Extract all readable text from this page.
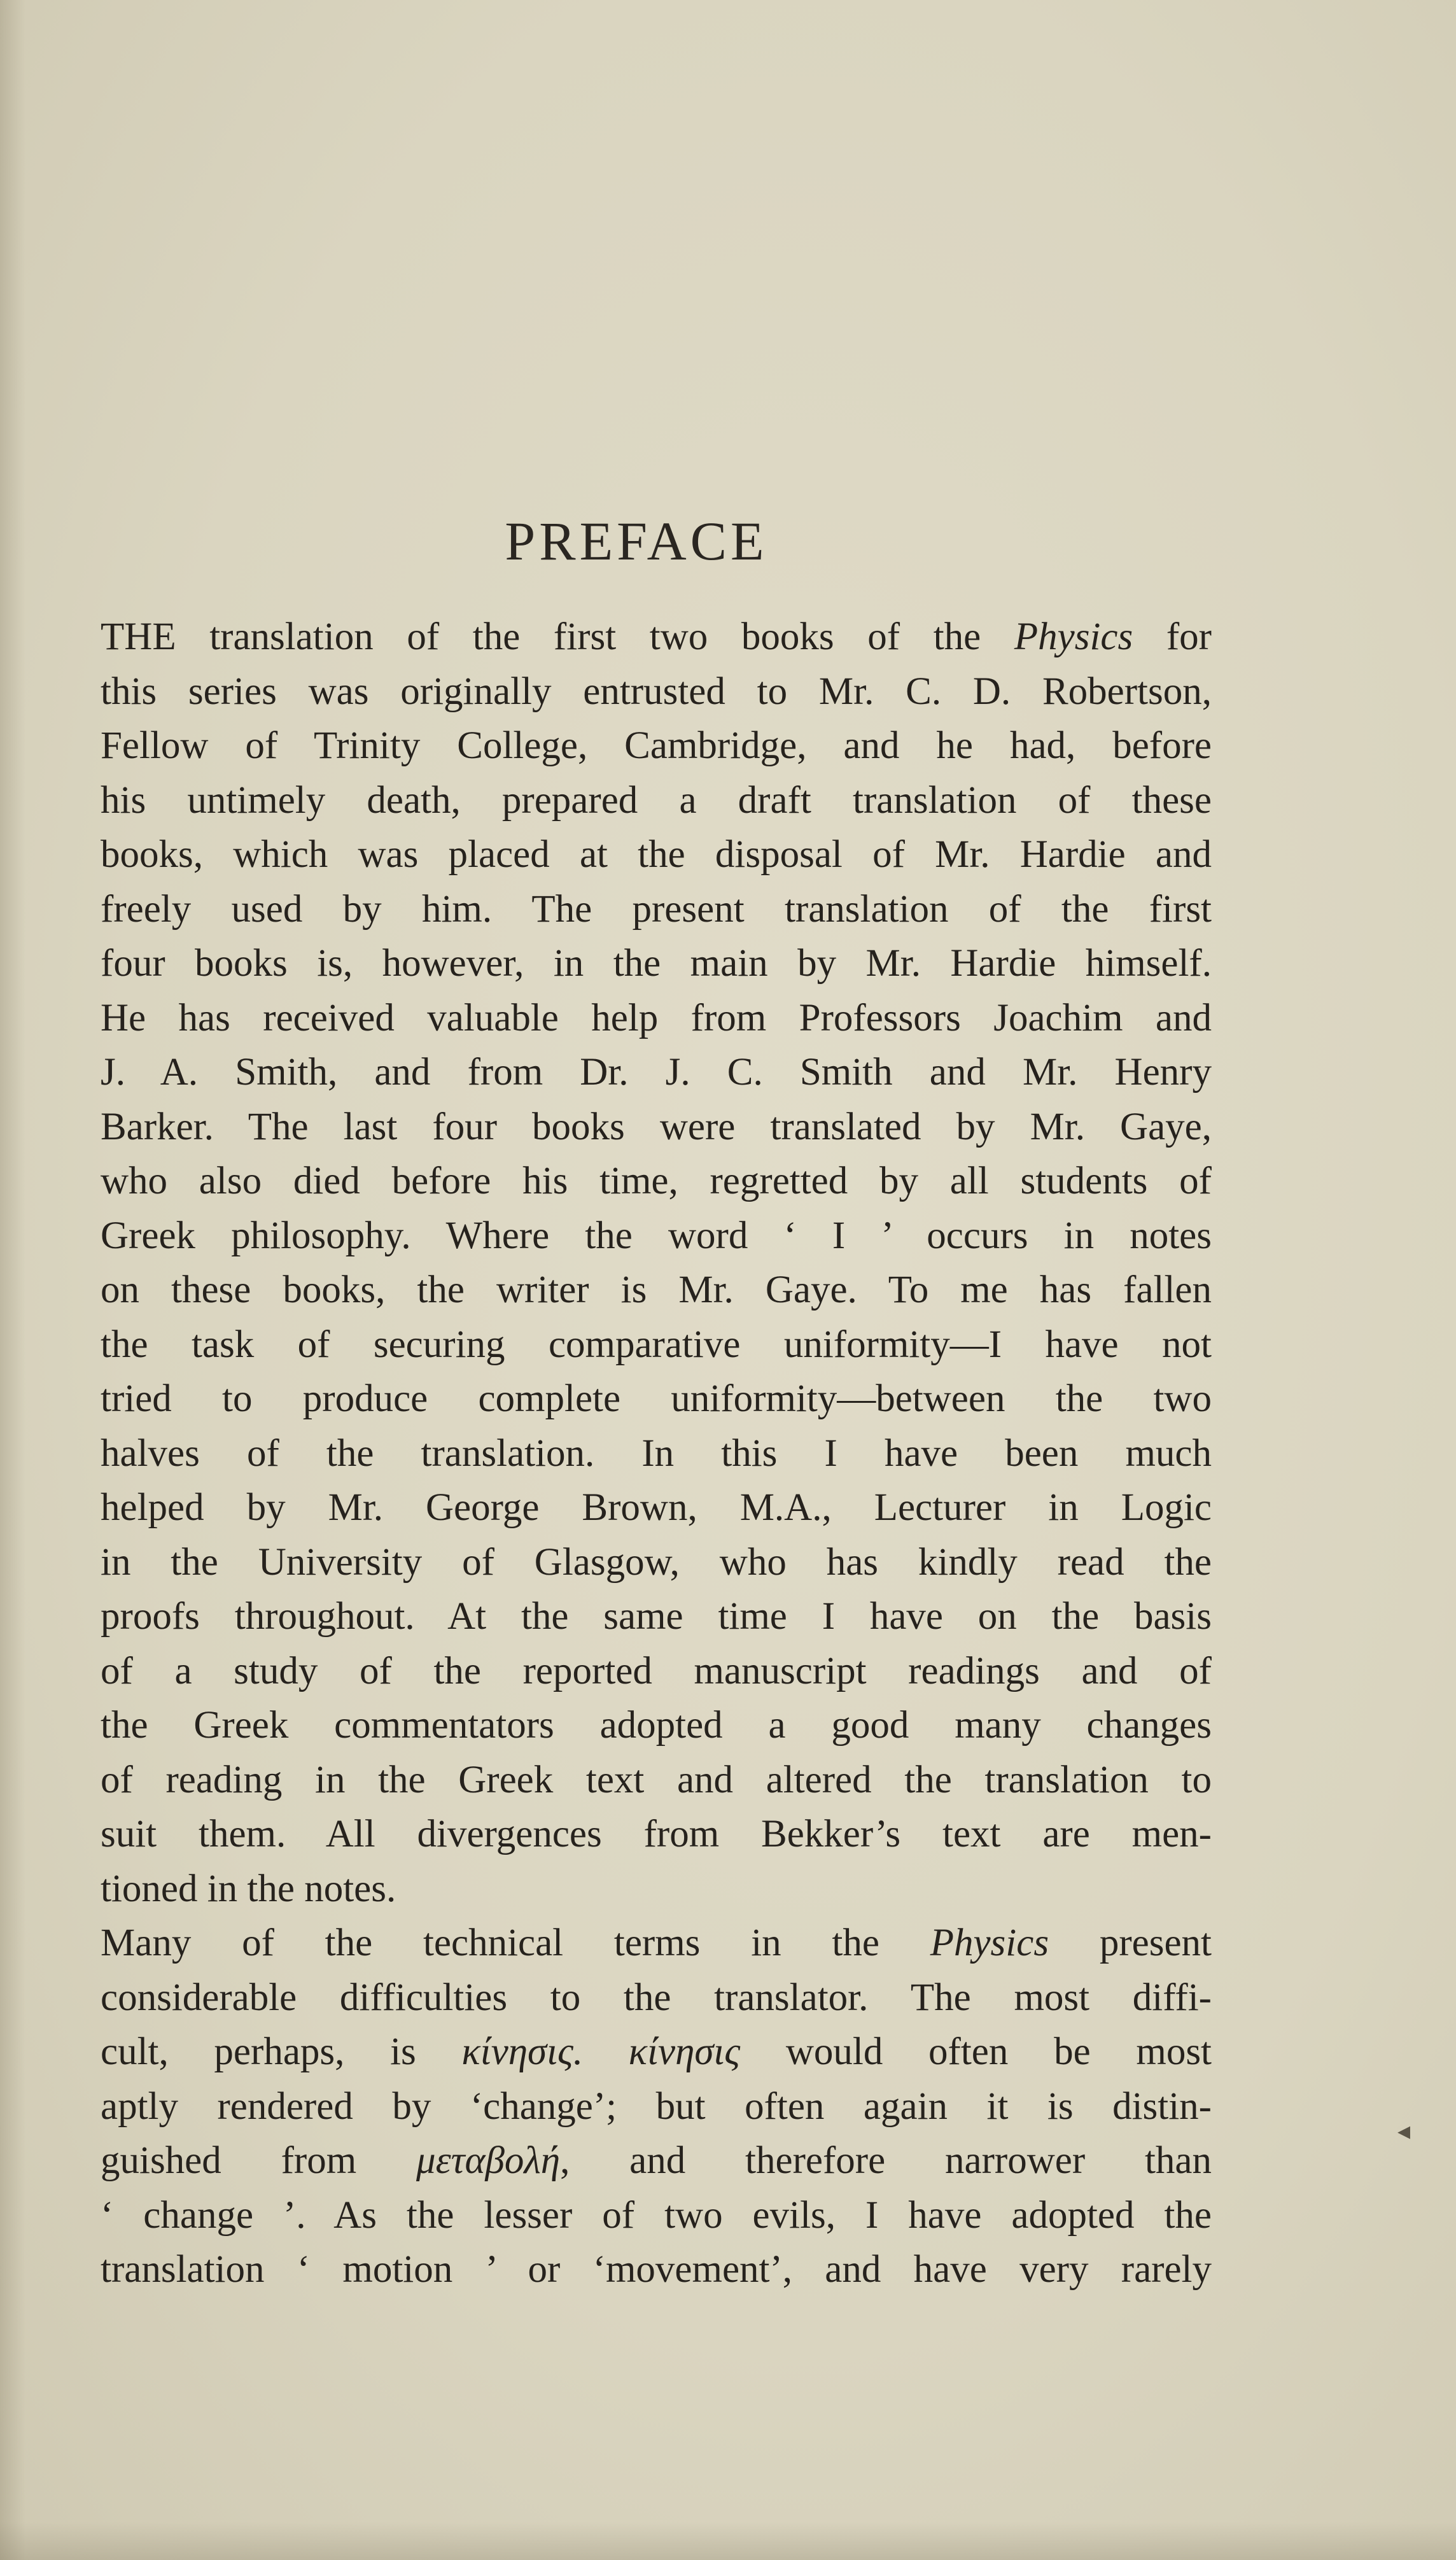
PREFACE

THE translation of the first two books of the Physics for
this series was originally entrusted to Mr. C. D. Robertson,
Fellow of Trinity College, Cambridge, and he had, before
his untimely death, prepared a draft translation of these
books, which was placed at the disposal of Mr. Hardie and
freely used by him. The present translation of the first
four books is, however, in the main by Mr. Hardie himself.
He has received valuable help from Professors Joachim and
J. A. Smith, and from Dr. J. C. Smith and Mr. Henry
Barker. The last four books were translated by Mr. Gaye,
who also died before his time, regretted by all students of
Greek philosophy. Where the word ‘ I ’ occurs in notes
on these books, the writer is Mr. Gaye. To me has fallen
the task of securing comparative uniformity—I have not
tried to produce complete uniformity—between the two
halves of the translation. In this I have been much
helped by Mr. George Brown, M.A., Lecturer in Logic
in the University of Glasgow, who has kindly read the
proofs throughout. At the same time I have on the basis
of a study of the reported manuscript readings and of
the Greek commentators adopted a good many changes
of reading in the Greek text and altered the translation to
suit them. All divergences from Bekker’s text are men-
tioned in the notes.

Many of the technical terms in the Physics present
considerable difficulties to the translator. The most diffi-
cult, perhaps, is κίνησις. κίνησις would often be most
aptly rendered by ‘change’; but often again it is distin-
guished from μεταβολή, and therefore narrower than
‘ change ’. As the lesser of two evils, I have adopted the
translation ‘ motion ’ or ‘movement’, and have very rarely

◂
